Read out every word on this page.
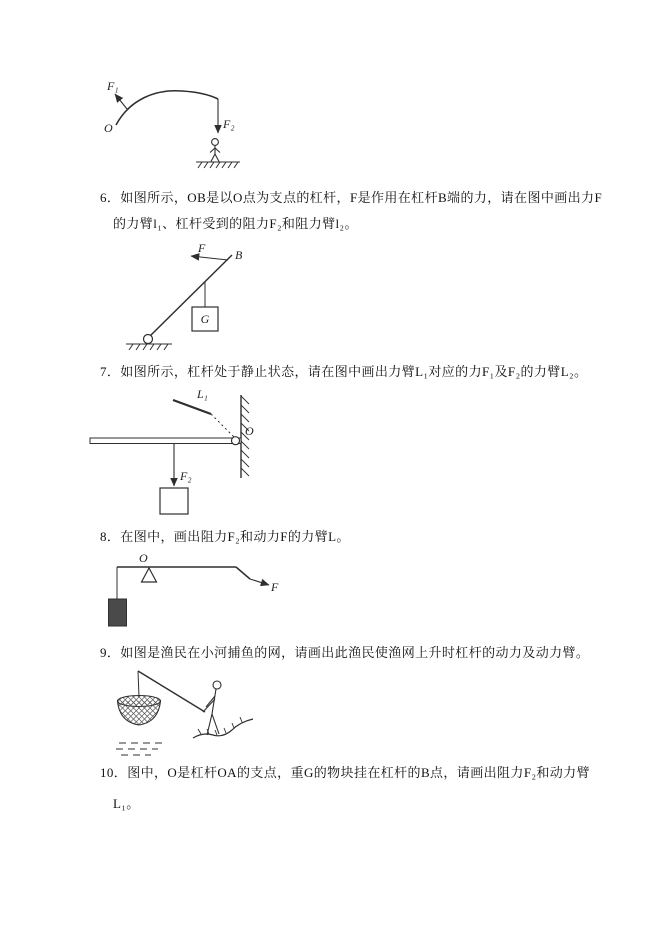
O
F₁
F₂
6．如图所示，OB是以O点为支点的杠杆，F是作用在杠杆B端的力，请在图中画出力F
的力臂l₁、杠杆受到的阻力F₂和阻力臂l₂。
B
F
G
7．如图所示，杠杆处于静止状态，请在图中画出力臂L₁对应的力F₁及F₂的力臂L₂。
L₁
O
F₂
8．在图中，画出阻力F₂和动力F的力臂L。
F
O
9．如图是渔民在小河捕鱼的网，请画出此渔民使渔网上升时杠杆的动力及动力臂。
10．图中，O是杠杆OA的支点，重G的物块挂在杠杆的B点，请画出阻力F₂和动力臂
L₁。
